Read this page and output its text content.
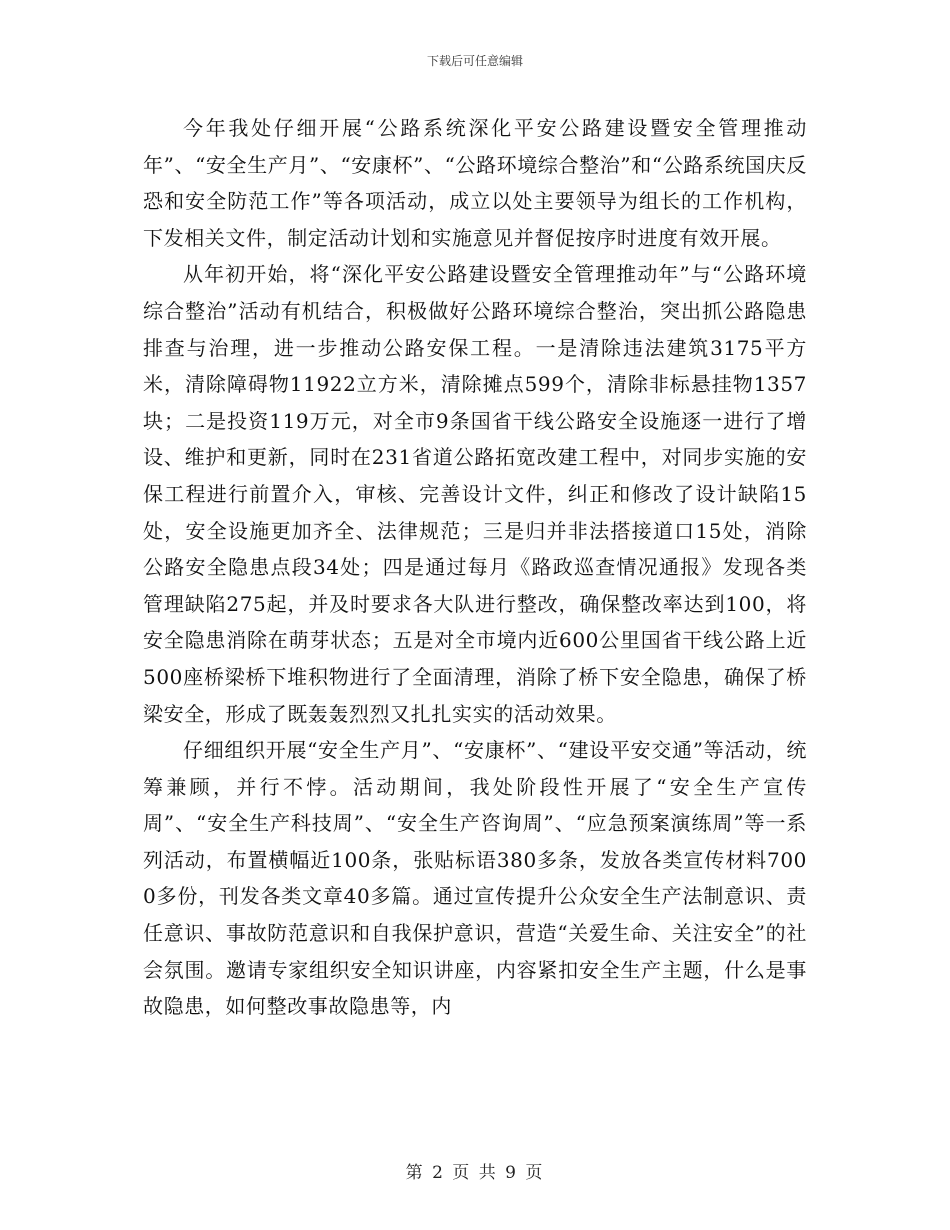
下载后可任意编辑

今年我处仔细开展“公路系统深化平安公路建设暨安全管理推动年”、“安全生产月”、“安康杯”、“公路环境综合整治”和“公路系统国庆反恐和安全防范工作”等各项活动，成立以处主要领导为组长的工作机构，下发相关文件，制定活动计划和实施意见并督促按序时进度有效开展。

从年初开始，将“深化平安公路建设暨安全管理推动年”与“公路环境综合整治”活动有机结合，积极做好公路环境综合整治，突出抓公路隐患排查与治理，进一步推动公路安保工程。一是清除违法建筑3175平方米，清除障碍物11922立方米，清除摊点599个，清除非标悬挂物1357块；二是投资119万元，对全市9条国省干线公路安全设施逐一进行了增设、维护和更新，同时在231省道公路拓宽改建工程中，对同步实施的安保工程进行前置介入，审核、完善设计文件，纠正和修改了设计缺陷15处，安全设施更加齐全、法律规范；三是归并非法搭接道口15处，消除公路安全隐患点段34处；四是通过每月《路政巡查情况通报》发现各类管理缺陷275起，并及时要求各大队进行整改，确保整改率达到100，将安全隐患消除在萌芽状态；五是对全市境内近600公里国省干线公路上近500座桥梁桥下堆积物进行了全面清理，消除了桥下安全隐患，确保了桥梁安全，形成了既轰轰烈烈又扎扎实实的活动效果。

仔细组织开展“安全生产月”、“安康杯”、“建设平安交通”等活动，统筹兼顾，并行不悖。活动期间，我处阶段性开展了“安全生产宣传周”、“安全生产科技周”、“安全生产咨询周”、“应急预案演练周”等一系列活动，布置横幅近100条，张贴标语380多条，发放各类宣传材料7000多份，刊发各类文章40多篇。通过宣传提升公众安全生产法制意识、责任意识、事故防范意识和自我保护意识，营造“关爱生命、关注安全”的社会氛围。邀请专家组织安全知识讲座，内容紧扣安全生产主题，什么是事故隐患，如何整改事故隐患等，内

第 2 页 共 9 页
